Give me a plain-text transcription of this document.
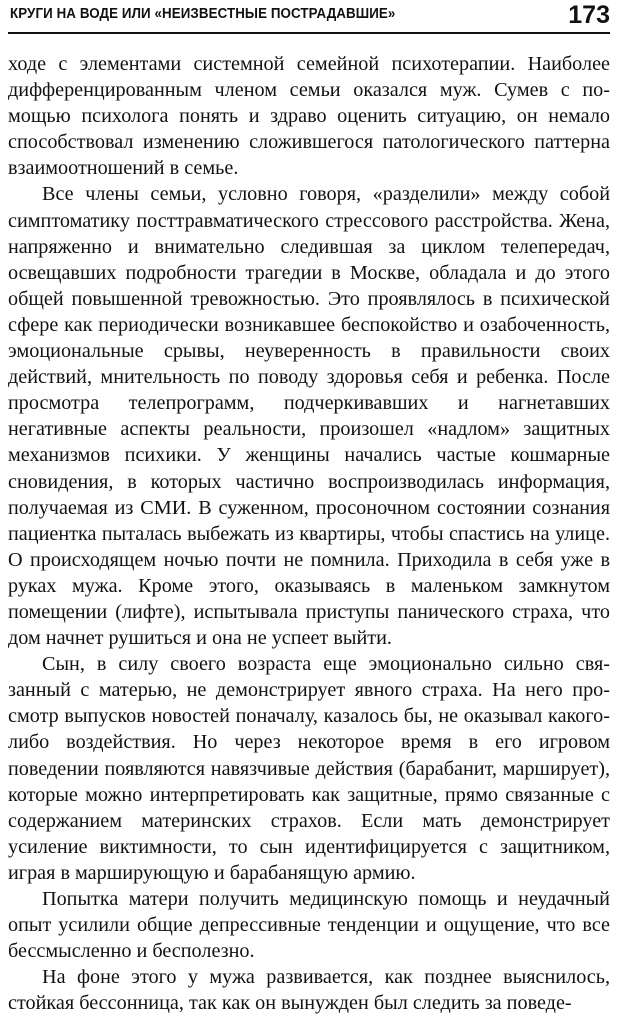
КРУГИ НА ВОДЕ ИЛИ «НЕИЗВЕСТНЫЕ ПОСТРАДАВШИЕ»	173

ходе с элементами системной семейной психотерапии. Наиболее дифференцированным членом семьи оказался муж. Сумев с помощью психолога понять и здраво оценить ситуацию, он немало способствовал изменению сложившегося патологического паттерна взаимоотношений в семье.

Все члены семьи, условно говоря, «разделили» между собой симптоматику посттравматического стрессового расстройства. Жена, напряженно и внимательно следившая за циклом телепередач, освещавших подробности трагедии в Москве, обладала и до этого общей повышенной тревожностью. Это проявлялось в психической сфере как периодически возникавшее беспокойство и озабоченность, эмоциональные срывы, неуверенность в правильности своих действий, мнительность по поводу здоровья себя и ребенка. После просмотра телепрограмм, подчеркивавших и нагнетавших негативные аспекты реальности, произошел «надлом» защитных механизмов психики. У женщины начались частые кошмарные сновидения, в которых частично воспроизводилась информация, получаемая из СМИ. В суженном, просоночном состоянии сознания пациентка пыталась выбежать из квартиры, чтобы спастись на улице. О происходящем ночью почти не помнила. Приходила в себя уже в руках мужа. Кроме этого, оказываясь в маленьком замкнутом помещении (лифте), испытывала приступы панического страха, что дом начнет рушиться и она не успеет выйти.

Сын, в силу своего возраста еще эмоционально сильно связанный с матерью, не демонстрирует явного страха. На него просмотр выпусков новостей поначалу, казалось бы, не оказывал какого-либо воздействия. Но через некоторое время в его игровом поведении появляются навязчивые действия (барабанит, марширует), которые можно интерпретировать как защитные, прямо связанные с содержанием материнских страхов. Если мать демонстрирует усиление виктимности, то сын идентифицируется с защитником, играя в марширующую и барабанящую армию.

Попытка матери получить медицинскую помощь и неудачный опыт усилили общие депрессивные тенденции и ощущение, что все бессмысленно и бесполезно.

На фоне этого у мужа развивается, как позднее выяснилось, стойкая бессонница, так как он вынужден был следить за поведе-
